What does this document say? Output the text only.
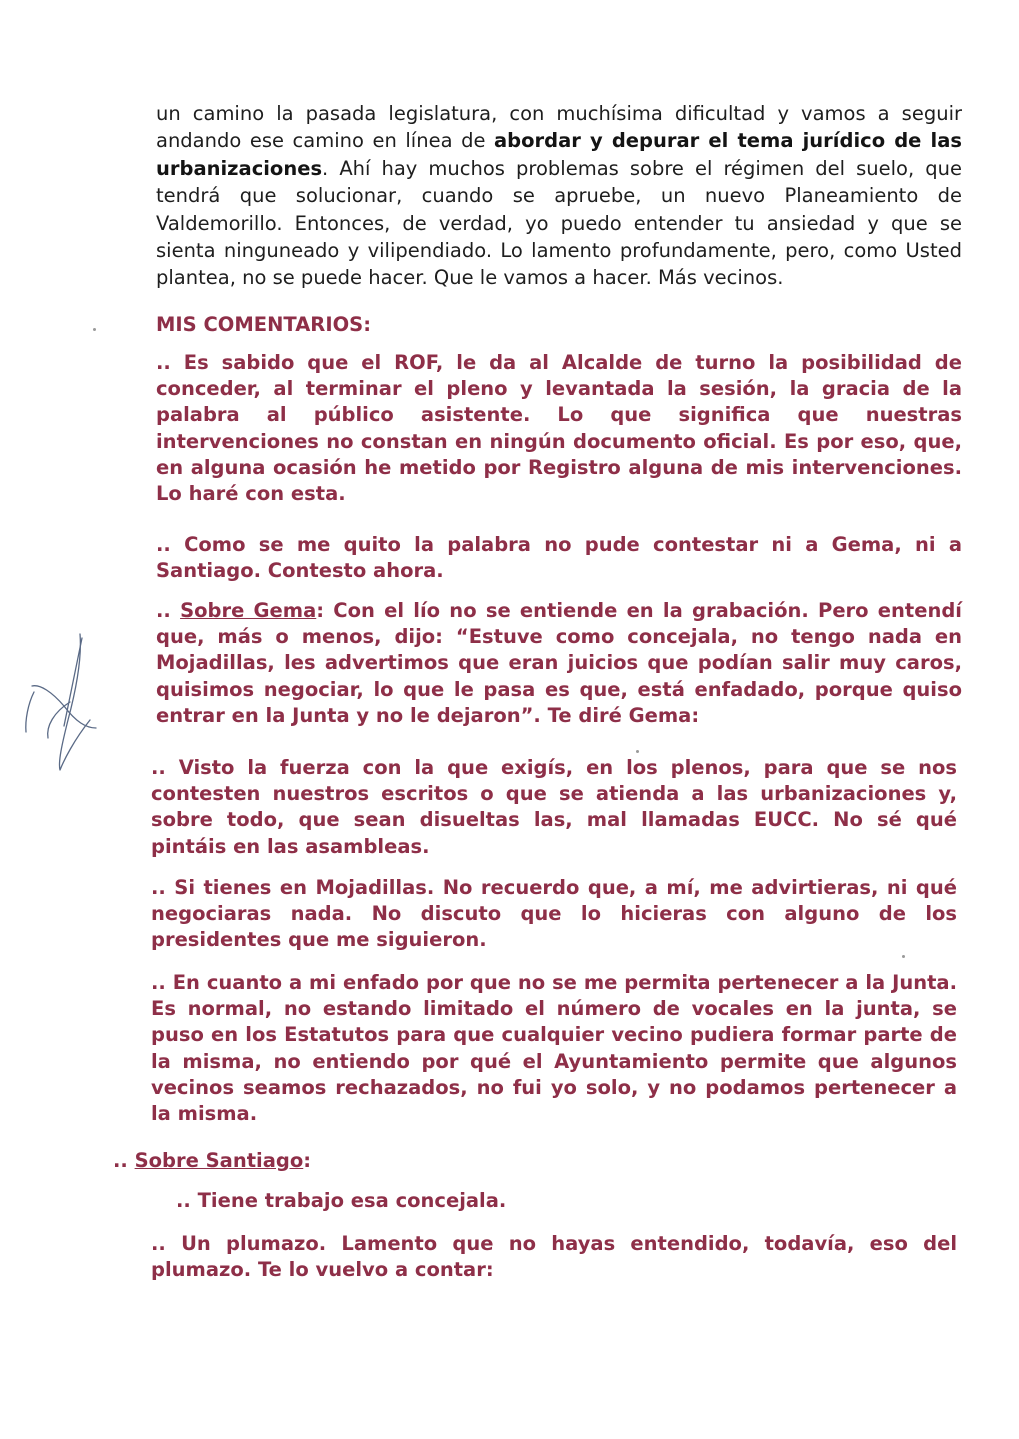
un camino la pasada legislatura, con muchísima dificultad y vamos a seguir andando ese camino en línea de abordar y depurar el tema jurídico de las urbanizaciones. Ahí hay muchos problemas sobre el régimen del suelo, que tendrá que solucionar, cuando se apruebe, un nuevo Planeamiento de Valdemorillo. Entonces, de verdad, yo puedo entender tu ansiedad y que se sienta ninguneado y vilipendiado. Lo lamento profundamente, pero, como Usted plantea, no se puede hacer. Que le vamos a hacer. Más vecinos.

MIS COMENTARIOS:

.. Es sabido que el ROF, le da al Alcalde de turno la posibilidad de conceder, al terminar el pleno y levantada la sesión, la gracia de la palabra al público asistente. Lo que significa que nuestras intervenciones no constan en ningún documento oficial. Es por eso, que, en alguna ocasión he metido por Registro alguna de mis intervenciones. Lo haré con esta.

.. Como se me quito la palabra no pude contestar ni a Gema, ni a Santiago. Contesto ahora.

.. Sobre Gema: Con el lío no se entiende en la grabación. Pero entendí que, más o menos, dijo: “Estuve como concejala, no tengo nada en Mojadillas, les advertimos que eran juicios que podían salir muy caros, quisimos negociar, lo que le pasa es que, está enfadado, porque quiso entrar en la Junta y no le dejaron”. Te diré Gema:

.. Visto la fuerza con la que exigís, en los plenos, para que se nos contesten nuestros escritos o que se atienda a las urbanizaciones y, sobre todo, que sean disueltas las, mal llamadas EUCC. No sé qué pintáis en las asambleas.

.. Si tienes en Mojadillas. No recuerdo que, a mí, me advirtieras, ni qué negociaras nada. No discuto que lo hicieras con alguno de los presidentes que me siguieron.

.. En cuanto a mi enfado por que no se me permita pertenecer a la Junta. Es normal, no estando limitado el número de vocales en la junta, se puso en los Estatutos para que cualquier vecino pudiera formar parte de la misma, no entiendo por qué el Ayuntamiento permite que algunos vecinos seamos rechazados, no fui yo solo, y no podamos pertenecer a la misma.

.. Sobre Santiago:

.. Tiene trabajo esa concejala.

.. Un plumazo. Lamento que no hayas entendido, todavía, eso del plumazo. Te lo vuelvo a contar:
